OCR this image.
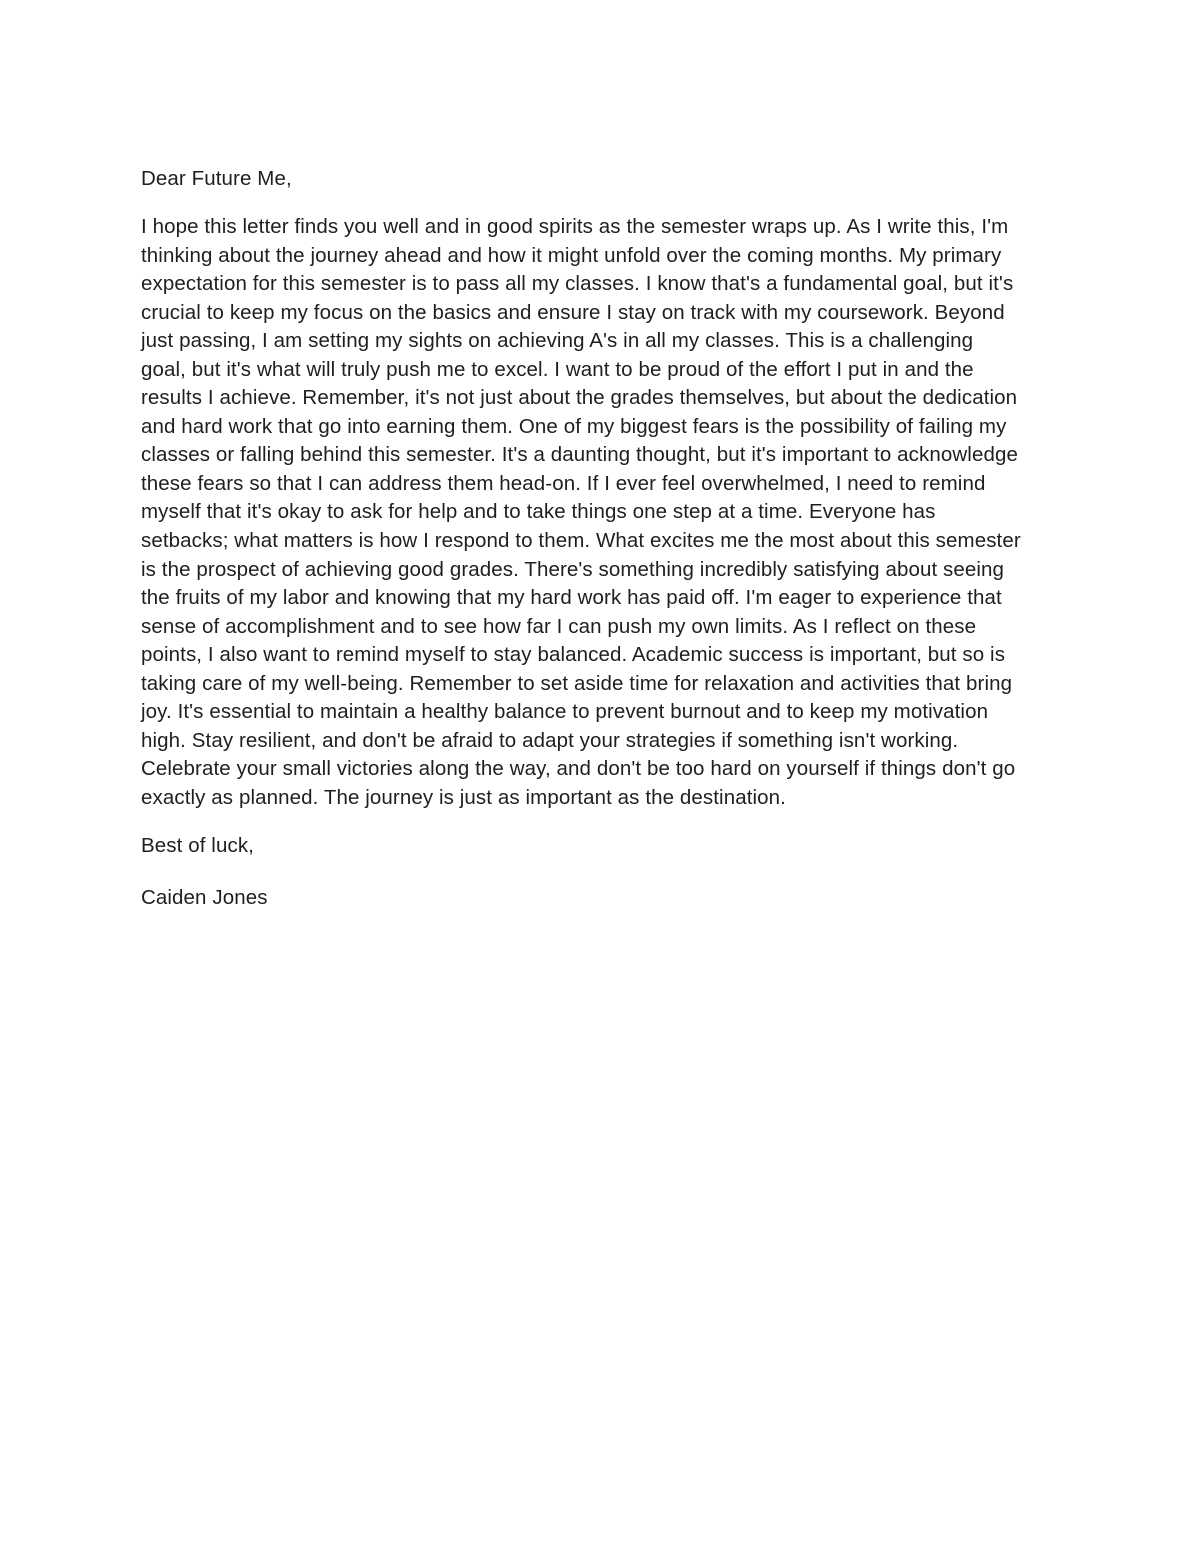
Dear Future Me,

I hope this letter finds you well and in good spirits as the semester wraps up. As I write this, I'm
thinking about the journey ahead and how it might unfold over the coming months. My primary
expectation for this semester is to pass all my classes. I know that's a fundamental goal, but it's
crucial to keep my focus on the basics and ensure I stay on track with my coursework. Beyond
just passing, I am setting my sights on achieving A's in all my classes. This is a challenging
goal, but it's what will truly push me to excel. I want to be proud of the effort I put in and the
results I achieve. Remember, it's not just about the grades themselves, but about the dedication
and hard work that go into earning them. One of my biggest fears is the possibility of failing my
classes or falling behind this semester. It's a daunting thought, but it's important to acknowledge
these fears so that I can address them head-on. If I ever feel overwhelmed, I need to remind
myself that it's okay to ask for help and to take things one step at a time. Everyone has
setbacks; what matters is how I respond to them. What excites me the most about this semester
is the prospect of achieving good grades. There's something incredibly satisfying about seeing
the fruits of my labor and knowing that my hard work has paid off. I'm eager to experience that
sense of accomplishment and to see how far I can push my own limits. As I reflect on these
points, I also want to remind myself to stay balanced. Academic success is important, but so is
taking care of my well-being. Remember to set aside time for relaxation and activities that bring
joy. It's essential to maintain a healthy balance to prevent burnout and to keep my motivation
high. Stay resilient, and don't be afraid to adapt your strategies if something isn't working.
Celebrate your small victories along the way, and don't be too hard on yourself if things don't go
exactly as planned. The journey is just as important as the destination.

Best of luck,

Caiden Jones
